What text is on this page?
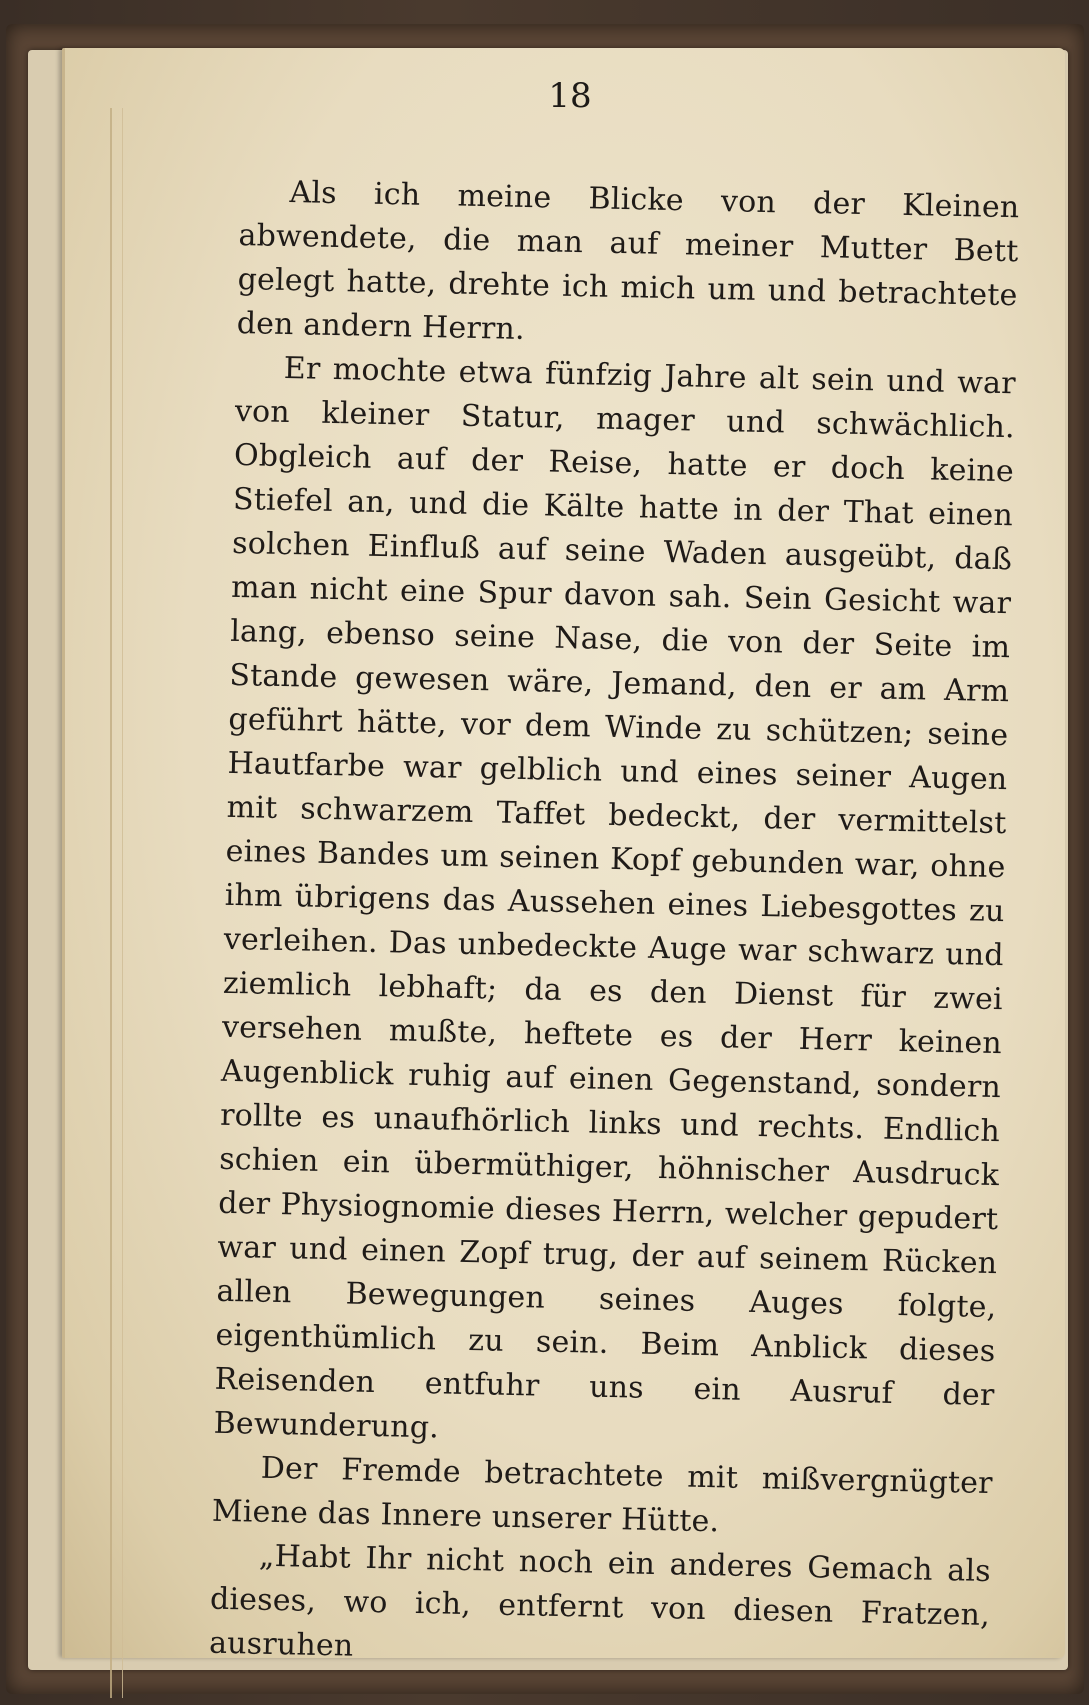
18

Als ich meine Blicke von der Kleinen abwendete, die man auf meiner Mutter Bett gelegt hatte, drehte ich mich um und betrachtete den andern Herrn.

Er mochte etwa fünfzig Jahre alt sein und war von kleiner Statur, mager und schwächlich. Obgleich auf der Reise, hatte er doch keine Stiefel an, und die Kälte hatte in der That einen solchen Einfluß auf seine Waden ausgeübt, daß man nicht eine Spur davon sah. Sein Gesicht war lang, ebenso seine Nase, die von der Seite im Stande gewesen wäre, Jemand, den er am Arm geführt hätte, vor dem Winde zu schützen; seine Hautfarbe war gelblich und eines seiner Augen mit schwarzem Taffet bedeckt, der vermittelst eines Bandes um seinen Kopf gebunden war, ohne ihm übrigens das Aussehen eines Liebesgottes zu verleihen. Das unbedeckte Auge war schwarz und ziemlich lebhaft; da es den Dienst für zwei versehen mußte, heftete es der Herr keinen Augenblick ruhig auf einen Gegenstand, sondern rollte es unaufhörlich links und rechts. Endlich schien ein übermüthiger, höhnischer Ausdruck der Physiognomie dieses Herrn, welcher gepudert war und einen Zopf trug, der auf seinem Rücken allen Bewegungen seines Auges folgte, eigenthümlich zu sein. Beim Anblick dieses Reisenden entfuhr uns ein Ausruf der Bewunderung.

Der Fremde betrachtete mit mißvergnügter Miene das Innere unserer Hütte.

„Habt Ihr nicht noch ein anderes Gemach als dieses, wo ich, entfernt von diesen Fratzen, ausruhen
